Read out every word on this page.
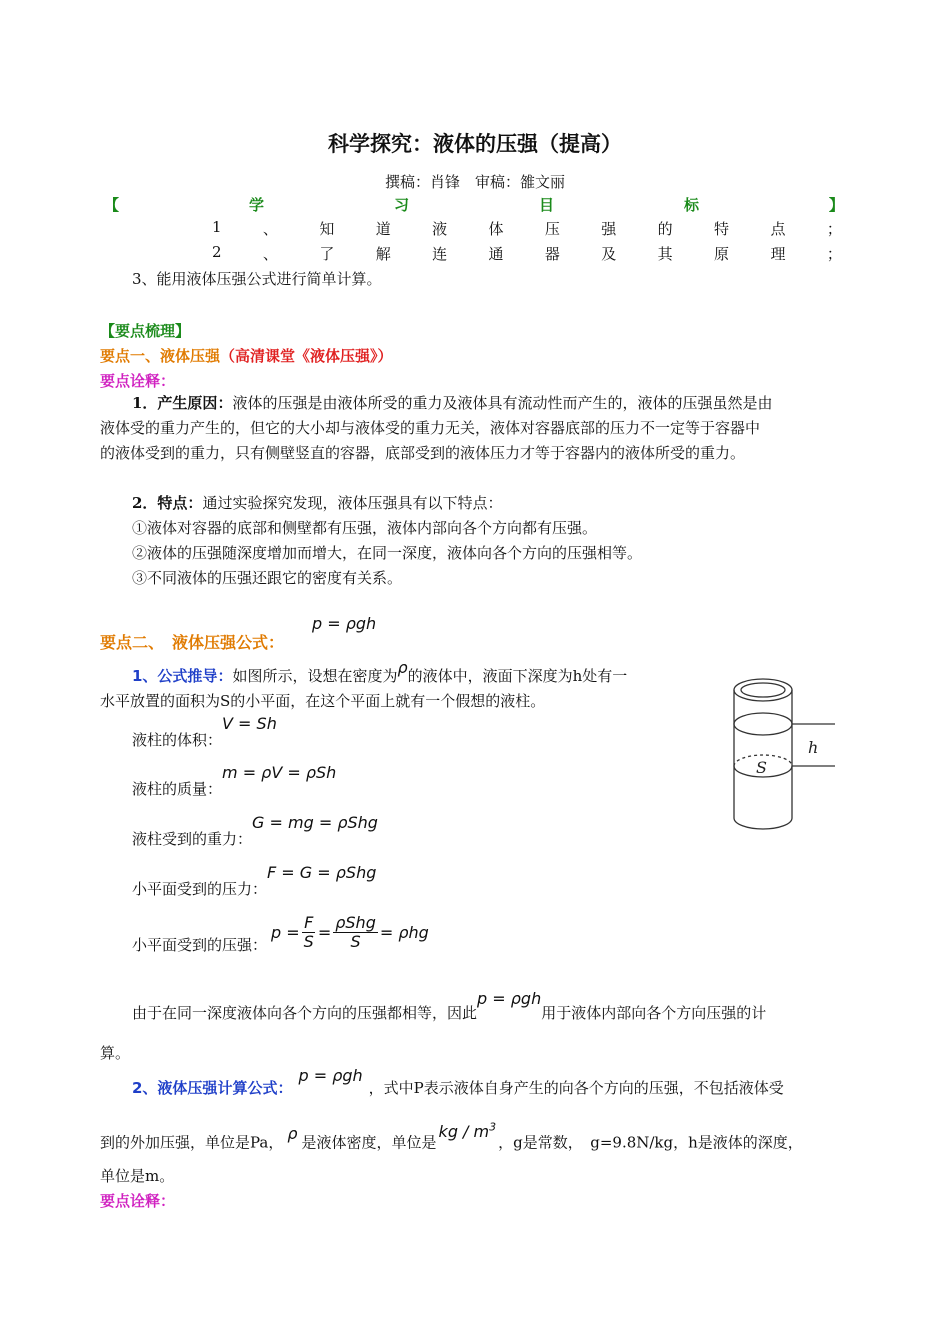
科学探究：液体的压强（提高）
撰稿：肖锋　审稿：雒文丽
【	学	习	目	标	】
1	、	知	道	液	体	压	强	的	特	点	；
2	、	了	解	连	通	器	及	其	原	理	；
3、能用液体压强公式进行简单计算。
【要点梳理】
要点一、液体压强（高清课堂《液体压强》）
要点诠释：
1．产生原因：液体的压强是由液体所受的重力及液体具有流动性而产生的，液体的压强虽然是由
液体受的重力产生的，但它的大小却与液体受的重力无关，液体对容器底部的压力不一定等于容器中
的液体受到的重力，只有侧壁竖直的容器，底部受到的液体压力才等于容器内的液体所受的重力。
2．特点：通过实验探究发现，液体压强具有以下特点：
①液体对容器的底部和侧壁都有压强，液体内部向各个方向都有压强。
②液体的压强随深度增加而增大，在同一深度，液体向各个方向的压强相等。
③不同液体的压强还跟它的密度有关系。
要点二、　液体压强公式：
p = ρgh
1、公式推导：如图所示，设想在密度为ρ的液体中，液面下深度为h处有一
水平放置的面积为S的小平面，在这个平面上就有一个假想的液柱。
液柱的体积：V = Sh
液柱的质量：m = ρV = ρSh
液柱受到的重力：G = mg = ρShg
小平面受到的压力：F = G = ρShg
小平面受到的压强：
$p = \frac{F}{S} = \frac{\text{ρShg}}{S} = \rho hg$
由于在同一深度液体向各个方向的压强都相等，因此p = ρgh用于液体内部向各个方向压强的计
算。
2、液体压强计算公式：p = ρgh，式中P表示液体自身产生的向各个方向的压强，不包括液体受
到的外加压强，单位是Pa， ρ 是液体密度，单位是kg / $m^3$，g是常数，　g=9.8N/kg，h是液体的深度，
单位是m。
要点诠释：
h
S
